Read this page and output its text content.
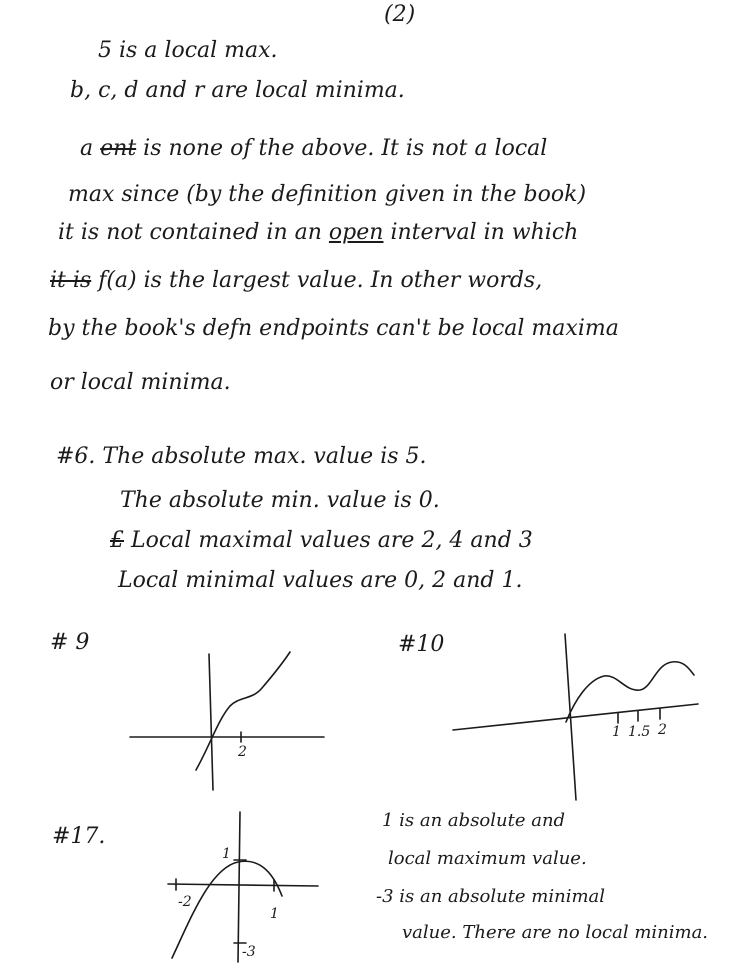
(2)
5 is a local max.
b, c, d and r are local minima.
a ent is none of the above. It is not a local
max since (by the definition given in the book)
it is not contained in an open interval in which
it is f(a) is the largest value. In other words,
by the book's defn endpoints can't be local maxima
or local minima.
#6. The absolute max. value is 5.
The absolute min. value is 0.
£ Local maximal values are 2, 4 and 3
Local minimal values are 0, 2 and 1.
# 9	#10
2
1 1.5 2
#17.
1
-2
1
-3
1 is an absolute and
local maximum value.
-3 is an absolute minimal
value. There are no local minima.
